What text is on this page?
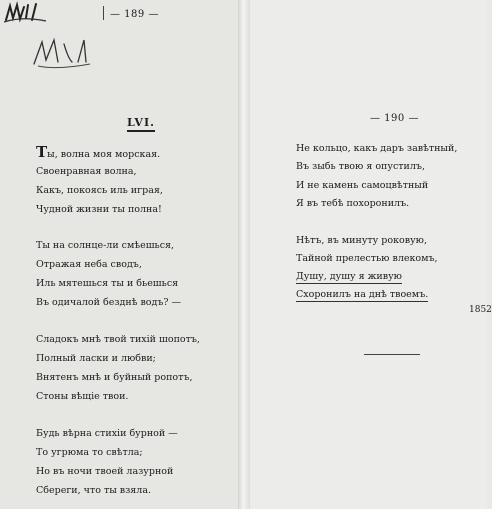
— 189 —
LVI.
Ты, волна моя морская.
Своенравная волна,
Какъ, покоясь иль играя,
Чудной жизни ты полна!
Ты на солнце-ли смѣешься,
Отражая неба сводъ,
Иль мятешься ты и бьешься
Въ одичалой безднѣ водъ? —
Сладокъ мнѣ твой тихій шопотъ,
Полный ласки и любви;
Внятенъ мнѣ и буйный ропотъ,
Стоны вѣщіе твои.
Будь вѣрна стихіи бурной —
То угрюма то свѣтла;
Но въ ночи твоей лазурной
Сбереги, что ты взяла.
— 190 —
Не кольцо, какъ даръ завѣтный,
Въ зыбь твою я опустилъ,
И не камень самоцвѣтный
Я въ тебѣ похоронилъ.
Нѣтъ, въ минуту роковую,
Тайной прелестью влекомъ,
Душу, душу я живую
Схоронилъ на днѣ твоемъ.
1852
